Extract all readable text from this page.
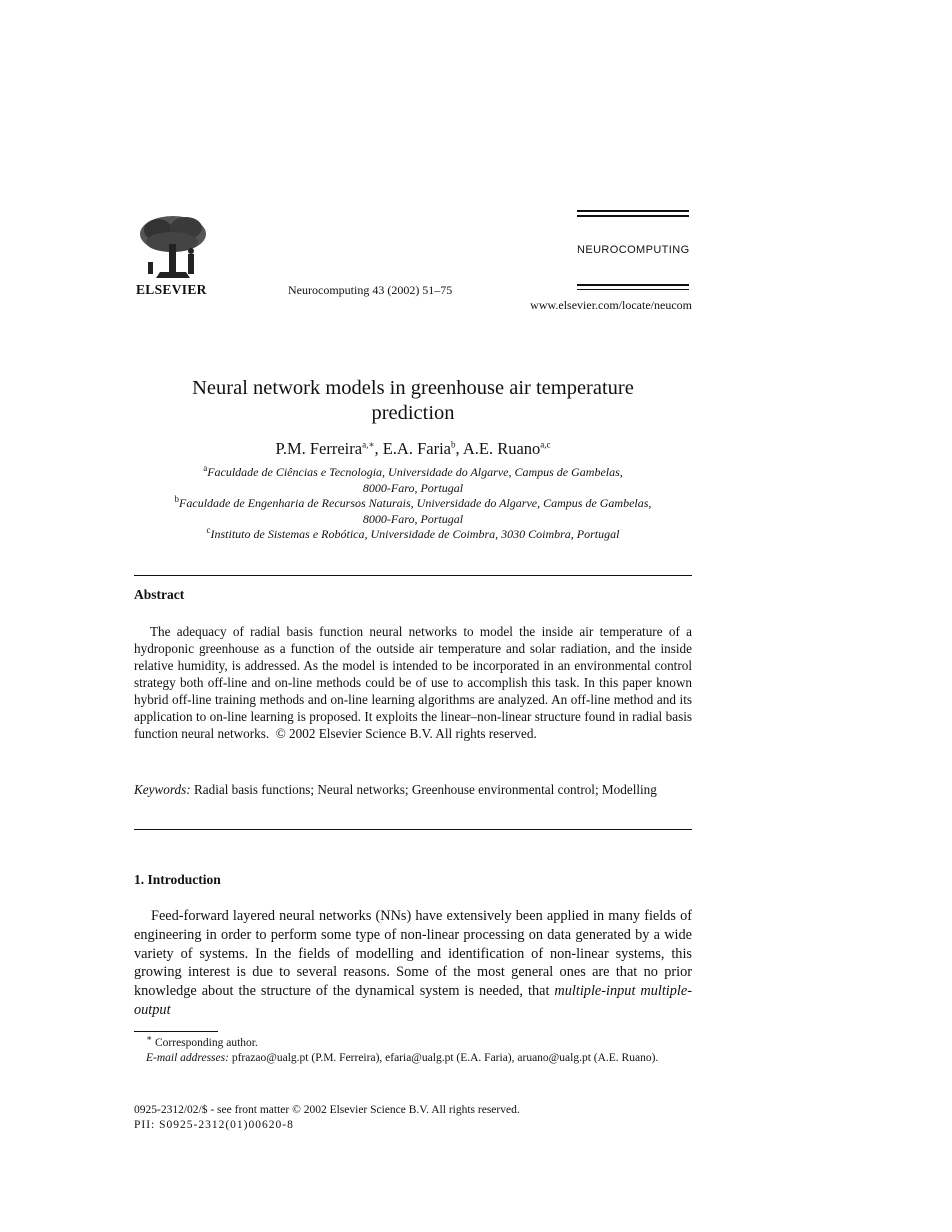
ELSEVIER	Neurocomputing 43 (2002) 51–75
NEUROCOMPUTING
www.elsevier.com/locate/neucom
Neural network models in greenhouse air temperature
prediction
P.M. Ferreira$^{a,∗}$, E.A. Faria$^b$, A.E. Ruano$^{a,c}$
$^a$Faculdade de Ciências e Tecnologia, Universidade do Algarve, Campus de Gambelas,
8000-Faro, Portugal
$^b$Faculdade de Engenharia de Recursos Naturais, Universidade do Algarve, Campus de Gambelas,
8000-Faro, Portugal
$^c$Instituto de Sistemas e Robótica, Universidade de Coimbra, 3030 Coimbra, Portugal
Abstract

The adequacy of radial basis function neural networks to model the inside air temperature of a hydroponic greenhouse as a function of the outside air temperature and solar radiation, and the inside relative humidity, is addressed. As the model is intended to be incorporated in an environmental control strategy both off-line and on-line methods could be of use to accomplish this task. In this paper known hybrid off-line training methods and on-line learning algorithms are analyzed. An off-line method and its application to on-line learning is proposed. It exploits the linear–non-linear structure found in radial basis function neural networks. © 2002 Elsevier Science B.V. All rights reserved.

Keywords: Radial basis functions; Neural networks; Greenhouse environmental control; Modelling

1. Introduction

Feed-forward layered neural networks (NNs) have extensively been applied in many fields of engineering in order to perform some type of non-linear processing on data generated by a wide variety of systems. In the fields of modelling and identification of non-linear systems, this growing interest is due to several reasons. Some of the most general ones are that no prior knowledge about the structure of the dynamical system is needed, that multiple-input multiple-output

∗ Corresponding author.
E-mail addresses: pfrazao@ualg.pt (P.M. Ferreira), efaria@ualg.pt (E.A. Faria), aruano@ualg.pt (A.E. Ruano).
0925-2312/02/$ - see front matter © 2002 Elsevier Science B.V. All rights reserved.
PII: S0925-2312(01)00620-8
